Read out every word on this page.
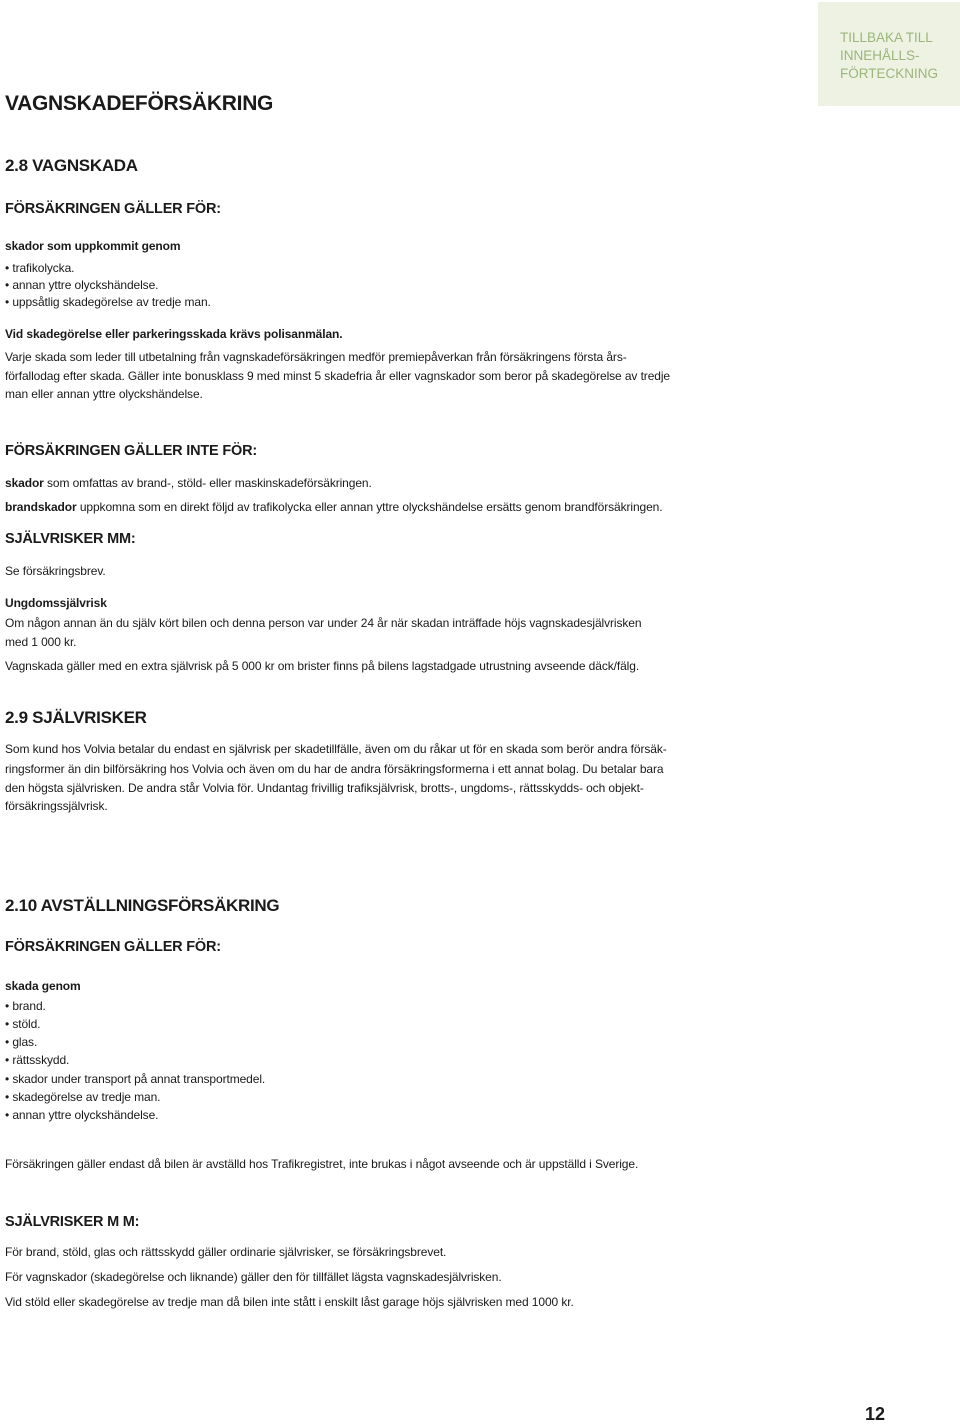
TILLBAKA TILL
INNEHÅLLS-
FÖRTECKNING
VAGNSKADEFÖRSÄKRING
2.8 VAGNSKADA
FÖRSÄKRINGEN GÄLLER FÖR:
skador som uppkommit genom
• trafikolycka.
• annan yttre olyckshändelse.
• uppsåtlig skadegörelse av tredje man.
Vid skadegörelse eller parkeringsskada krävs polisanmälan.
Varje skada som leder till utbetalning från vagnskadeförsäkringen medför premiepåverkan från försäkringens första års-
förfallodag efter skada. Gäller inte bonusklass 9 med minst 5 skadefria år eller vagnskador som beror på skadegörelse av tredje
man eller annan yttre olyckshändelse.
FÖRSÄKRINGEN GÄLLER INTE FÖR:
skador som omfattas av brand-, stöld- eller maskinskadeförsäkringen.
brandskador uppkomna som en direkt följd av trafikolycka eller annan yttre olyckshändelse ersätts genom brandförsäkringen.
SJÄLVRISKER MM:
Se försäkringsbrev.
Ungdomssjälvrisk
Om någon annan än du själv kört bilen och denna person var under 24 år när skadan inträffade höjs vagnskadesjälvrisken
med 1 000 kr.
Vagnskada gäller med en extra självrisk på 5 000 kr om brister finns på bilens lagstadgade utrustning avseende däck/fälg.
2.9 SJÄLVRISKER
Som kund hos Volvia betalar du endast en självrisk per skadetillfälle, även om du råkar ut för en skada som berör andra försäk-
ringsformer än din bilförsäkring hos Volvia och även om du har de andra försäkringsformerna i ett annat bolag. Du betalar bara
den högsta självrisken. De andra står Volvia för. Undantag frivillig trafiksjälvrisk, brotts-, ungdoms-, rättsskydds- och objekt-
försäkringssjälvrisk.
2.10 AVSTÄLLNINGSFÖRSÄKRING
FÖRSÄKRINGEN GÄLLER FÖR:
skada genom
• brand.
• stöld.
• glas.
• rättsskydd.
• skador under transport på annat transportmedel.
• skadegörelse av tredje man.
• annan yttre olyckshändelse.
Försäkringen gäller endast då bilen är avställd hos Trafikregistret, inte brukas i något avseende och är uppställd i Sverige.
SJÄLVRISKER M M:
För brand, stöld, glas och rättsskydd gäller ordinarie självrisker, se försäkringsbrevet.
För vagnskador (skadegörelse och liknande) gäller den för tillfället lägsta vagnskadesjälvrisken.
Vid stöld eller skadegörelse av tredje man då bilen inte stått i enskilt låst garage höjs självrisken med 1000 kr.
12
